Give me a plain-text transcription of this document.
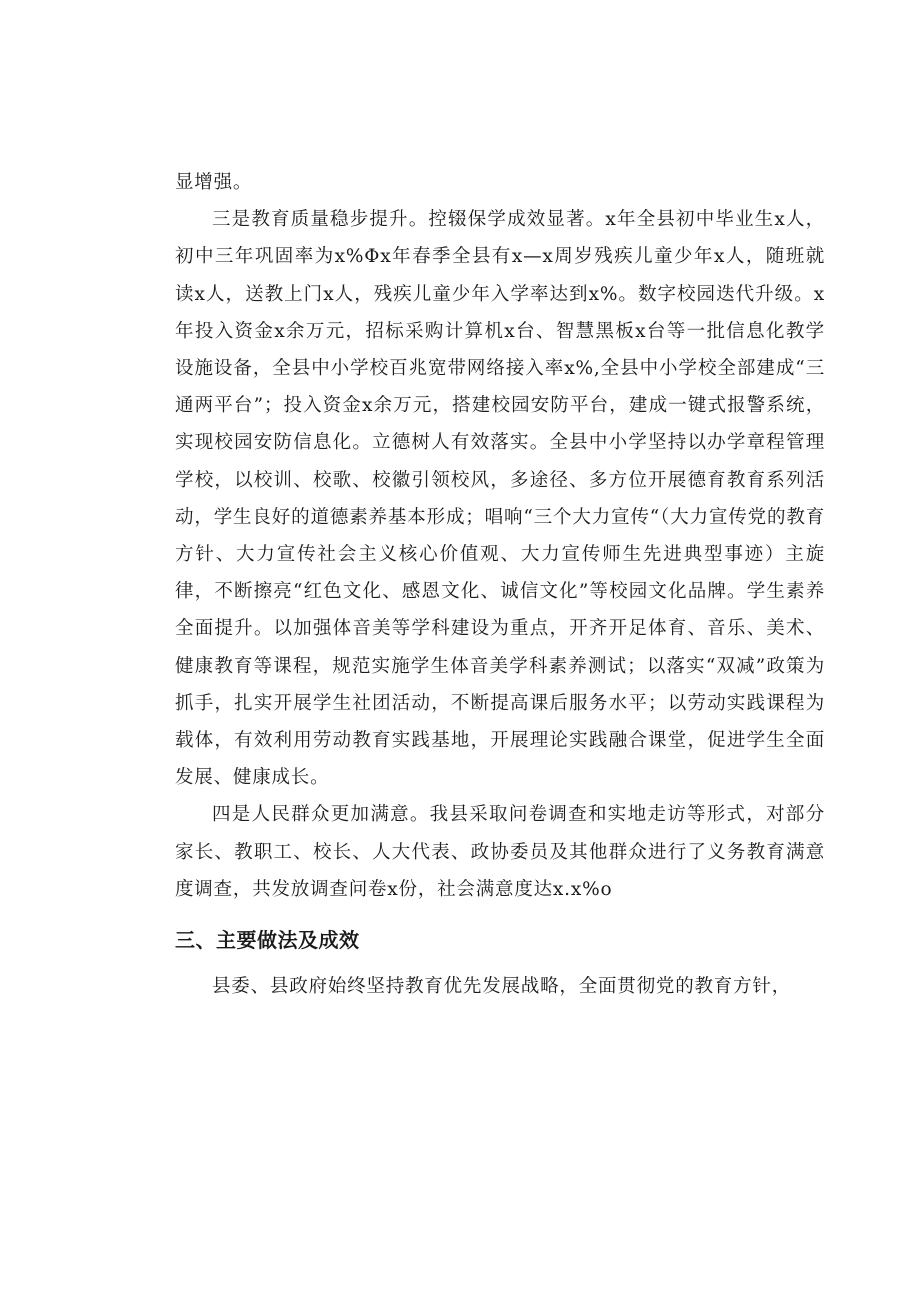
显增强。

三是教育质量稳步提升。控辍保学成效显著。x年全县初中毕业生x人，初中三年巩固率为x%Φx年春季全县有x—x周岁残疾儿童少年x人，随班就读x人，送教上门x人，残疾儿童少年入学率达到x%。数字校园迭代升级。x年投入资金x余万元，招标采购计算机x台、智慧黑板x台等一批信息化教学设施设备，全县中小学校百兆宽带网络接入率x%,全县中小学校全部建成“三通两平台”；投入资金x余万元，搭建校园安防平台，建成一键式报警系统，实现校园安防信息化。立德树人有效落实。全县中小学坚持以办学章程管理学校，以校训、校歌、校徽引领校风，多途径、多方位开展德育教育系列活动，学生良好的道德素养基本形成；唱响“三个大力宣传“（大力宣传党的教育方针、大力宣传社会主义核心价值观、大力宣传师生先进典型事迹）主旋律，不断擦亮“红色文化、感恩文化、诚信文化”等校园文化品牌。学生素养全面提升。以加强体音美等学科建设为重点，开齐开足体育、音乐、美术、健康教育等课程，规范实施学生体音美学科素养测试；以落实“双减”政策为抓手，扎实开展学生社团活动，不断提高课后服务水平；以劳动实践课程为载体，有效利用劳动教育实践基地，开展理论实践融合课堂，促进学生全面发展、健康成长。

四是人民群众更加满意。我县采取问卷调查和实地走访等形式，对部分家长、教职工、校长、人大代表、政协委员及其他群众进行了义务教育满意度调查，共发放调查问卷x份，社会满意度达x.x%o

三、主要做法及成效

县委、县政府始终坚持教育优先发展战略，全面贯彻党的教育方针，
